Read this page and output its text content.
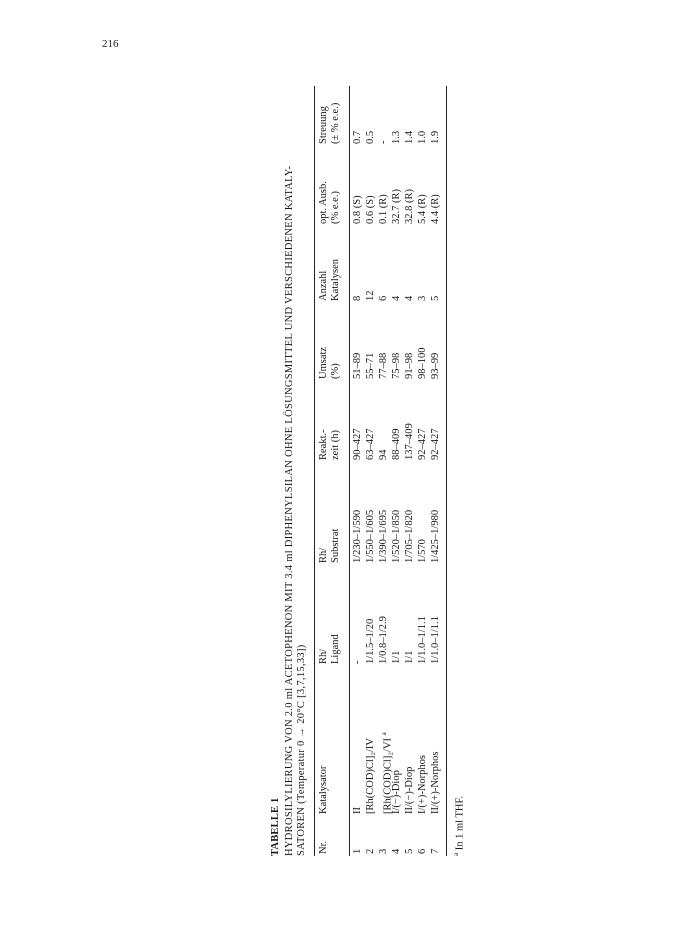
216
TABELLE 1 HYDROSILYLIERUNG VON 2.0 ml ACETOPHENON MIT 3.4 ml DIPHENYLSILAN OHNE LÖSUNGSMITTEL UND VERSCHIEDENEN KATALY- SATOREN (Temperatur 0 → 20°C [3,7,15,33]) Nr.
Katalysator
Rh/ Ligand
Rh/ Substrat
Reakt.- zeit (h)
Umsatz (%)
Anzahl Katalysen
opt. Ausb. (% e.e.)
Streuung (± % e.e.)
1
II
-
1/230–1/590
90–427
51–89
8
0.8 (S)
0.7
2
[Rh(COD)Cl]₂/IV
1/1.5–1/20
1/550–1/605
63–427
55–71
12
0.6 (S)
0.5
3
[Rh(COD)Cl]₂/VI $^a$
1/0.8–1/2.9
1/390–1/695
94
77–88
6
0.1 (R)
-
4
I/(−)-Diop
1/1
1/520–1/850
88–409
75–98
4
32.7 (R)
1.3
5
II/(−)-Diop
1/1
1/705–1/820
137–409
91–98
4
32.8 (R)
1.4
6
I/(+)-Norphos
1/1.0–1/1.1
1/570
92–427
98–100
3
5.4 (R)
1.0
7
II/(+)-Norphos
1/1.0–1/1.1
1/425–1/980
92–427
93–99
5
4.4 (R)
1.9
$^a$ In 1 ml THF.
